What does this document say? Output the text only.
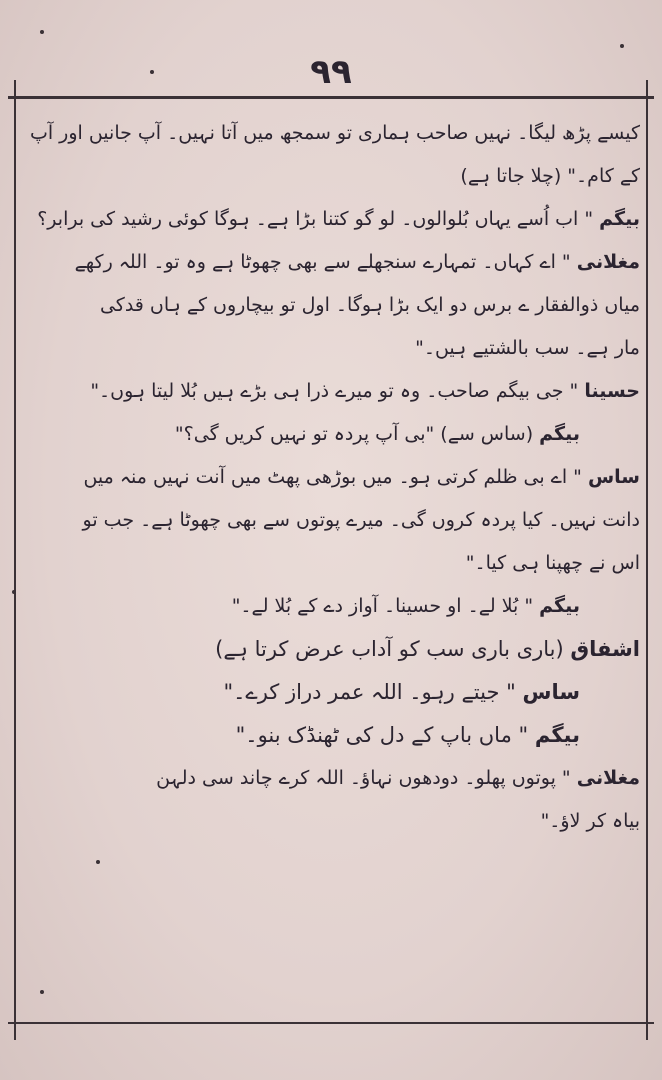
۹۹
کیسے پڑھ لیگا۔ نہیں صاحب ہماری تو سمجھ میں آتا نہیں۔ آپ جانیں اور آپ
کے کام۔" (چلا جاتا ہے)
بیگم " اب اُسے یہاں بُلوالوں۔ لو گو کتنا بڑا ہے۔ ہوگا کوئی رشید کی برابر؟
مغلانی " اے کہاں۔ تمہارے سنجھلے سے بھی چھوٹا ہے وہ تو۔ اللہ رکھے
میاں ذوالفقار ے برس دو ایک بڑا ہوگا۔ اول تو بیچاروں کے ہاں قدکی
مار ہے۔ سب بالشتیے ہیں۔"
حسینا " جی بیگم صاحب۔ وہ تو میرے ذرا ہی بڑے ہیں بُلا لیتا ہوں۔"
بیگم (ساس سے) "بی آپ پردہ تو نہیں کریں گی؟"
ساس " اے بی ظلم کرتی ہو۔ میں بوڑھی پھٹ میں آنت نہیں منہ میں
دانت نہیں۔ کیا پردہ کروں گی۔ میرے پوتوں سے بھی چھوٹا ہے۔ جب تو
اس نے چھپنا ہی کیا۔"
بیگم " بُلا لے۔ او حسینا۔ آواز دے کے بُلا لے۔"
اشفاق (باری باری سب کو آداب عرض کرتا ہے)
ساس " جیتے رہو۔ اللہ عمر دراز کرے۔"
بیگم " ماں باپ کے دل کی ٹھنڈک بنو۔"
مغلانی " پوتوں پھلو۔ دودھوں نہاؤ۔ اللہ کرے چاند سی دلہن
بیاہ کر لاؤ۔"
